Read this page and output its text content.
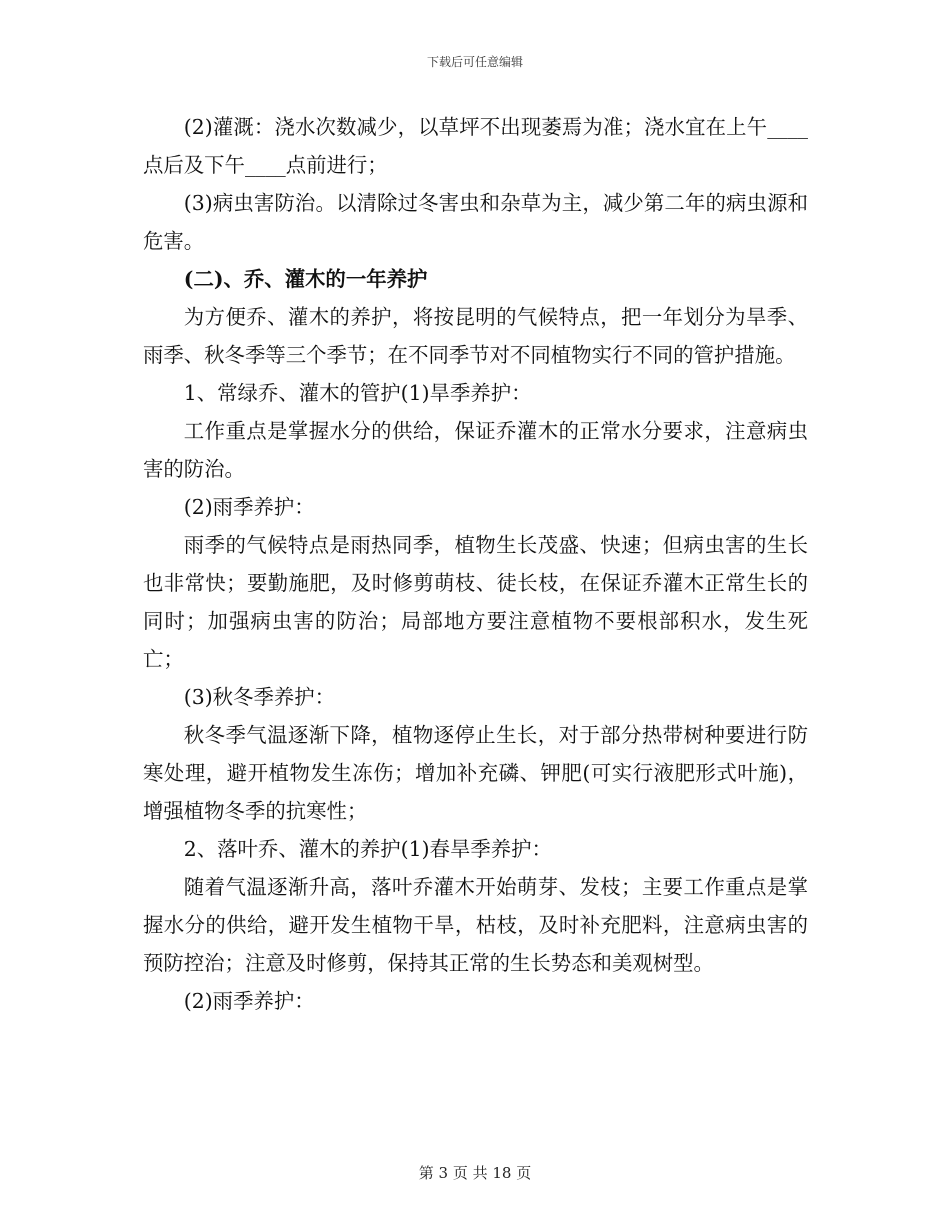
下载后可任意编辑

(2)灌溉：浇水次数减少，以草坪不出现萎焉为准；浇水宜在上午____点后及下午____点前进行；

(3)病虫害防治。以清除过冬害虫和杂草为主，减少第二年的病虫源和危害。

(二)、乔、灌木的一年养护

为方便乔、灌木的养护，将按昆明的气候特点，把一年划分为旱季、雨季、秋冬季等三个季节；在不同季节对不同植物实行不同的管护措施。

1、常绿乔、灌木的管护(1)旱季养护：

工作重点是掌握水分的供给，保证乔灌木的正常水分要求，注意病虫害的防治。

(2)雨季养护：

雨季的气候特点是雨热同季，植物生长茂盛、快速；但病虫害的生长也非常快；要勤施肥，及时修剪萌枝、徒长枝，在保证乔灌木正常生长的同时；加强病虫害的防治；局部地方要注意植物不要根部积水，发生死亡；

(3)秋冬季养护：

秋冬季气温逐渐下降，植物逐停止生长，对于部分热带树种要进行防寒处理，避开植物发生冻伤；增加补充磷、钾肥(可实行液肥形式叶施)，增强植物冬季的抗寒性；

2、落叶乔、灌木的养护(1)春旱季养护：

随着气温逐渐升高，落叶乔灌木开始萌芽、发枝；主要工作重点是掌握水分的供给，避开发生植物干旱，枯枝，及时补充肥料，注意病虫害的预防控治；注意及时修剪，保持其正常的生长势态和美观树型。

(2)雨季养护：

第 3 页 共 18 页
